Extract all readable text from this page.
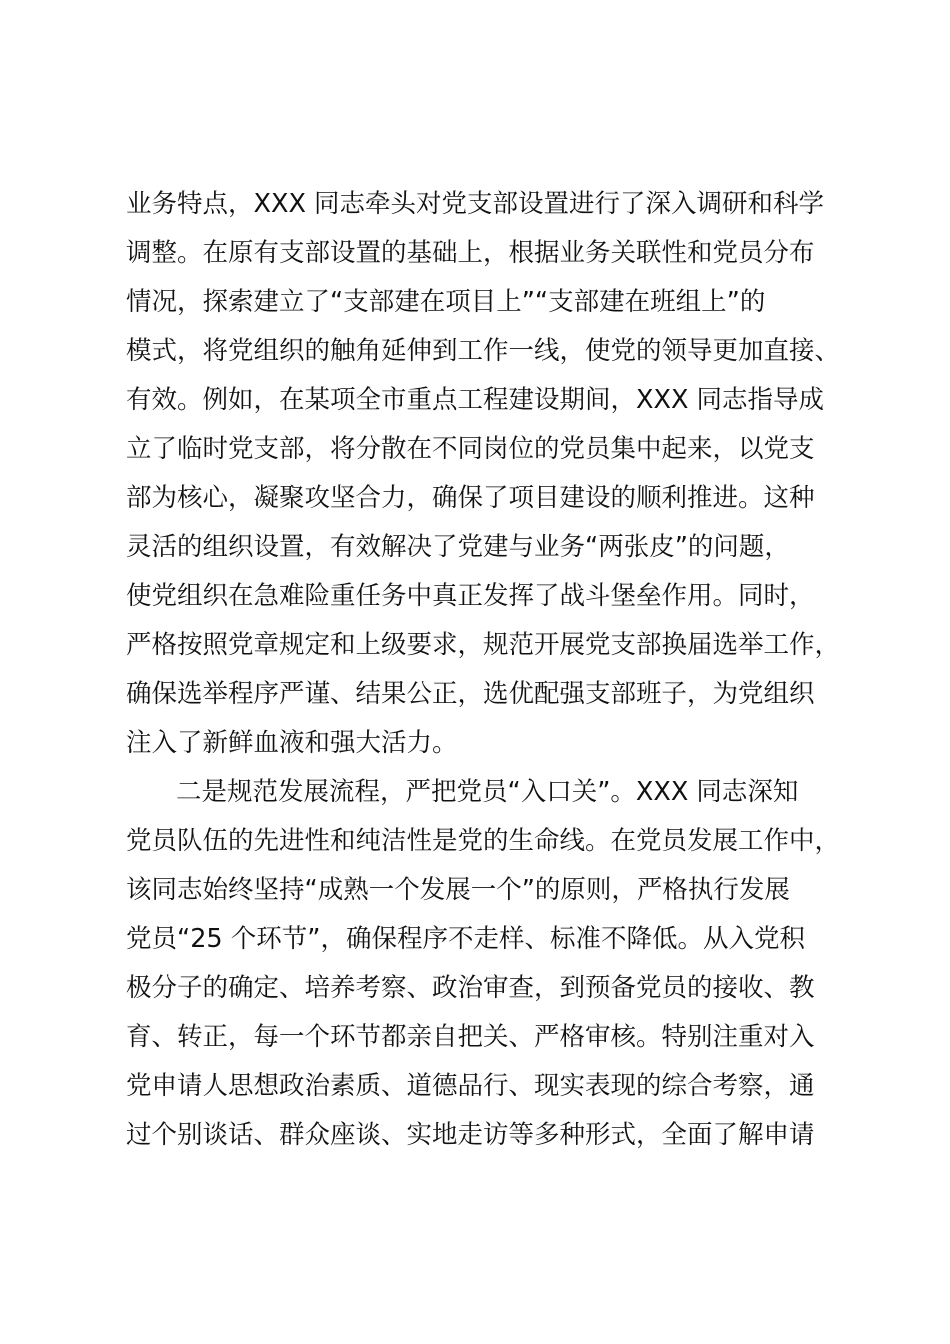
业务特点，XXX 同志牵头对党支部设置进行了深入调研和科学
调整。在原有支部设置的基础上，根据业务关联性和党员分布
情况，探索建立了“支部建在项目上”“支部建在班组上”的
模式，将党组织的触角延伸到工作一线，使党的领导更加直接、
有效。例如，在某项全市重点工程建设期间，XXX 同志指导成
立了临时党支部，将分散在不同岗位的党员集中起来，以党支
部为核心，凝聚攻坚合力，确保了项目建设的顺利推进。这种
灵活的组织设置，有效解决了党建与业务“两张皮”的问题，
使党组织在急难险重任务中真正发挥了战斗堡垒作用。同时，
严格按照党章规定和上级要求，规范开展党支部换届选举工作，
确保选举程序严谨、结果公正，选优配强支部班子，为党组织
注入了新鲜血液和强大活力。
二是规范发展流程，严把党员“入口关”。XXX 同志深知
党员队伍的先进性和纯洁性是党的生命线。在党员发展工作中，
该同志始终坚持“成熟一个发展一个”的原则，严格执行发展
党员“25 个环节”，确保程序不走样、标准不降低。从入党积
极分子的确定、培养考察、政治审查，到预备党员的接收、教
育、转正，每一个环节都亲自把关、严格审核。特别注重对入
党申请人思想政治素质、道德品行、现实表现的综合考察，通
过个别谈话、群众座谈、实地走访等多种形式，全面了解申请
